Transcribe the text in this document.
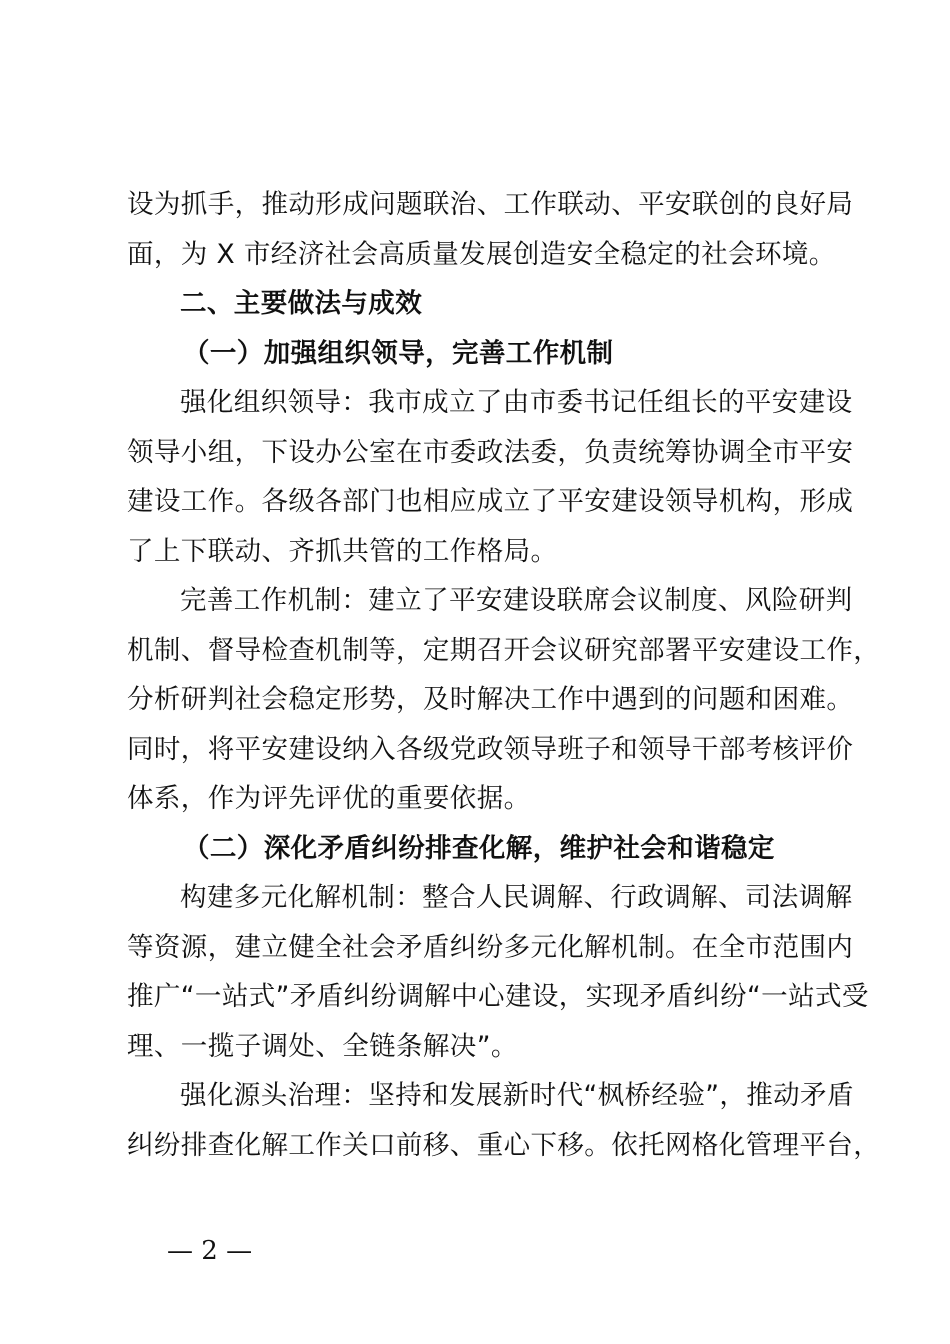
设为抓手，推动形成问题联治、工作联动、平安联创的良好局
面，为 X 市经济社会高质量发展创造安全稳定的社会环境。
二、主要做法与成效
（一）加强组织领导，完善工作机制
强化组织领导：我市成立了由市委书记任组长的平安建设
领导小组，下设办公室在市委政法委，负责统筹协调全市平安
建设工作。各级各部门也相应成立了平安建设领导机构，形成
了上下联动、齐抓共管的工作格局。
完善工作机制：建立了平安建设联席会议制度、风险研判
机制、督导检查机制等，定期召开会议研究部署平安建设工作，
分析研判社会稳定形势，及时解决工作中遇到的问题和困难。
同时，将平安建设纳入各级党政领导班子和领导干部考核评价
体系，作为评先评优的重要依据。
（二）深化矛盾纠纷排查化解，维护社会和谐稳定
构建多元化解机制：整合人民调解、行政调解、司法调解
等资源，建立健全社会矛盾纠纷多元化解机制。在全市范围内
推广“一站式”矛盾纠纷调解中心建设，实现矛盾纠纷“一站式受
理、一揽子调处、全链条解决”。
强化源头治理：坚持和发展新时代“枫桥经验”，推动矛盾
纠纷排查化解工作关口前移、重心下移。依托网格化管理平台，
— 2 —
